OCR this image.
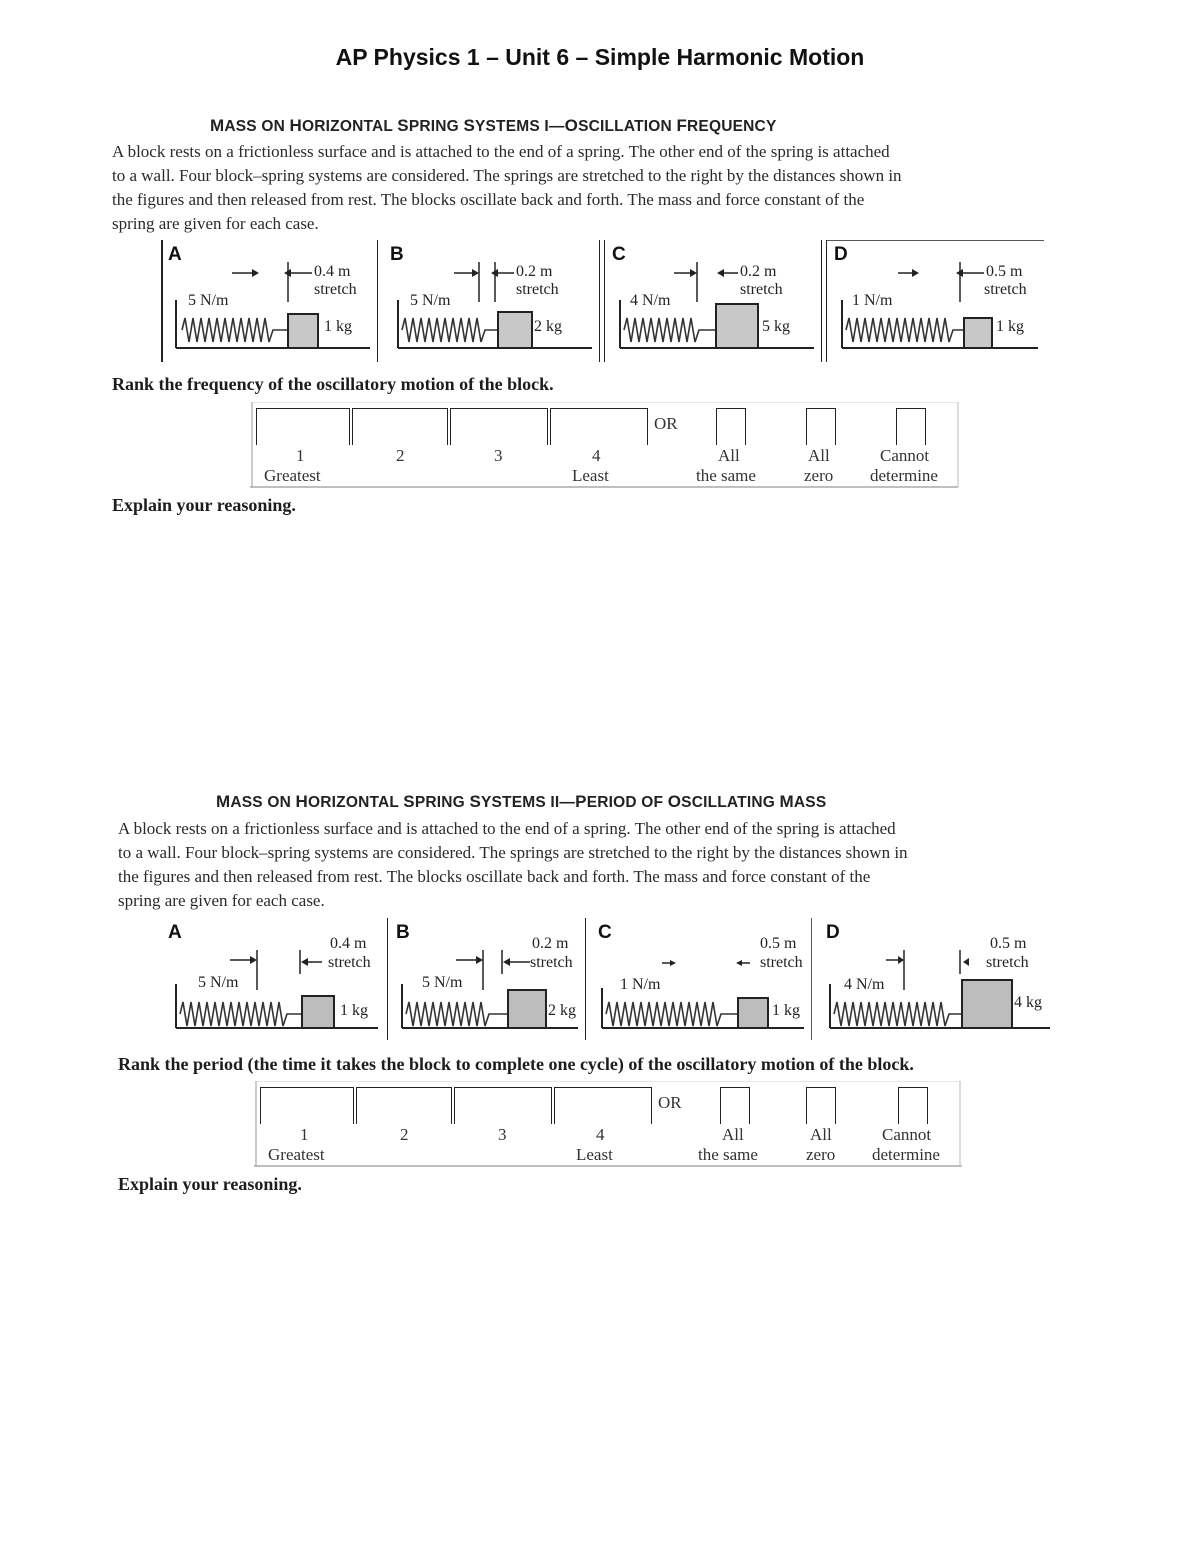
AP Physics 1 – Unit 6 – Simple Harmonic Motion
MASS ON HORIZONTAL SPRING SYSTEMS I—OSCILLATION FREQUENCY
A block rests on a frictionless surface and is attached to the end of a spring. The other end of the spring is attached
to a wall. Four block–spring systems are considered. The springs are stretched to the right by the distances shown in
the figures and then released from rest. The blocks oscillate back and forth. The mass and force constant of the
spring are given for each case.
A
5 N/m
0.4 m
stretch
1 kg
B
5 N/m
0.2 m
stretch
2 kg
C
4 N/m
0.2 m
stretch
5 kg
D
1 N/m
0.5 m
stretch
1 kg
Rank the frequency of the oscillatory motion of the block.
OR
1
Greatest
2	3	4
Least
All
the same
All
zero
Cannot
determine
Explain your reasoning.
MASS ON HORIZONTAL SPRING SYSTEMS II—PERIOD OF OSCILLATING MASS
A block rests on a frictionless surface and is attached to the end of a spring. The other end of the spring is attached
to a wall. Four block–spring systems are considered. The springs are stretched to the right by the distances shown in
the figures and then released from rest. The blocks oscillate back and forth. The mass and force constant of the
spring are given for each case.
A
5 N/m
0.4 m
stretch
1 kg
B
5 N/m
0.2 m
stretch
2 kg
C
1 N/m
0.5 m
stretch
1 kg
D
4 N/m
0.5 m
stretch
4 kg
Rank the period (the time it takes the block to complete one cycle) of the oscillatory motion of the block.
OR
1
Greatest
2	3	4
Least
All
the same
All
zero
Cannot
determine
Explain your reasoning.
